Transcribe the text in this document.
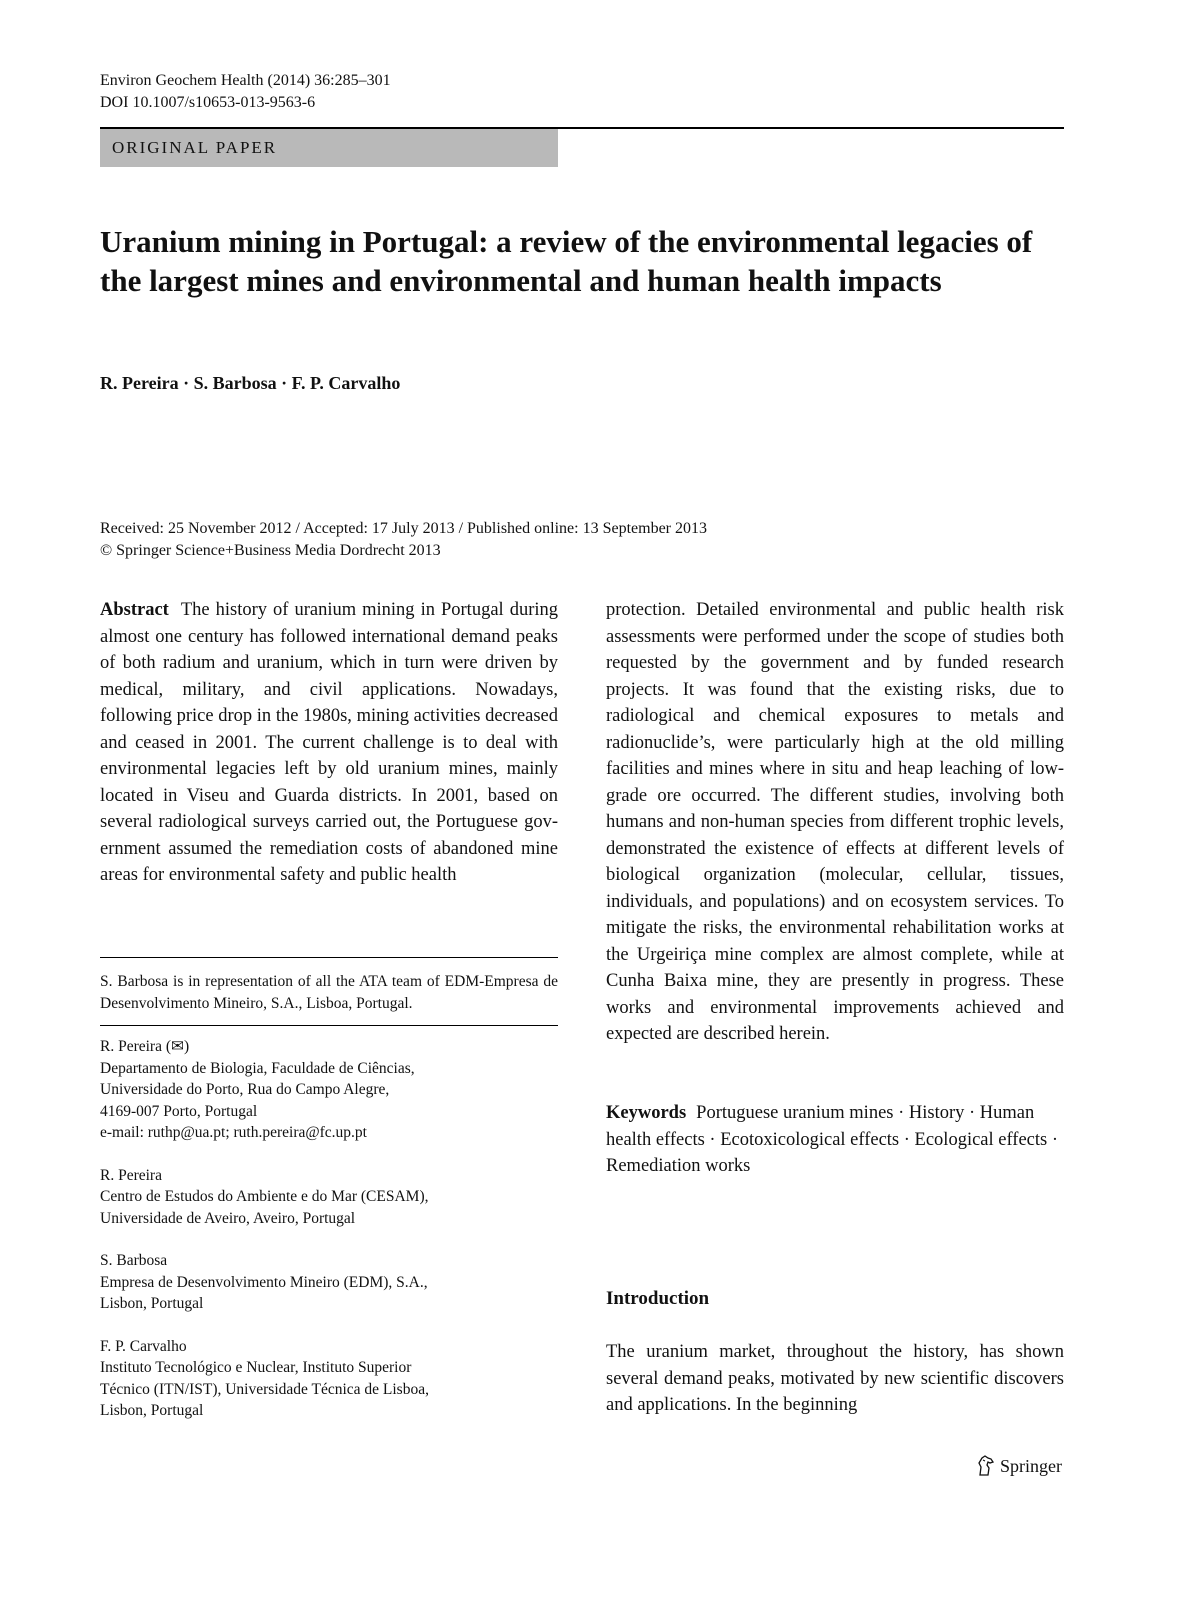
Environ Geochem Health (2014) 36:285–301
DOI 10.1007/s10653-013-9563-6
ORIGINAL PAPER
Uranium mining in Portugal: a review of the environmental legacies of the largest mines and environmental and human health impacts
R. Pereira · S. Barbosa · F. P. Carvalho
Received: 25 November 2012 / Accepted: 17 July 2013 / Published online: 13 September 2013
© Springer Science+Business Media Dordrecht 2013
Abstract The history of uranium mining in Portugal during almost one century has followed international demand peaks of both radium and uranium, which in turn were driven by medical, military, and civil applications. Nowadays, following price drop in the 1980s, mining activities decreased and ceased in 2001. The current challenge is to deal with environmental legacies left by old uranium mines, mainly located in Viseu and Guarda districts. In 2001, based on several radiological surveys carried out, the Portuguese government assumed the remediation costs of abandoned mine areas for environmental safety and public health
S. Barbosa is in representation of all the ATA team of EDM-Empresa de Desenvolvimento Mineiro, S.A., Lisboa, Portugal.
R. Pereira (✉)
Departamento de Biologia, Faculdade de Ciências,
Universidade do Porto, Rua do Campo Alegre,
4169-007 Porto, Portugal
e-mail: ruthp@ua.pt; ruth.pereira@fc.up.pt
R. Pereira
Centro de Estudos do Ambiente e do Mar (CESAM),
Universidade de Aveiro, Aveiro, Portugal
S. Barbosa
Empresa de Desenvolvimento Mineiro (EDM), S.A.,
Lisbon, Portugal
F. P. Carvalho
Instituto Tecnológico e Nuclear, Instituto Superior
Técnico (ITN/IST), Universidade Técnica de Lisboa,
Lisbon, Portugal
protection. Detailed environmental and public health risk assessments were performed under the scope of studies both requested by the government and by funded research projects. It was found that the existing risks, due to radiological and chemical exposures to metals and radionuclide’s, were particularly high at the old milling facilities and mines where in situ and heap leaching of low-grade ore occurred. The different studies, involving both humans and non-human species from different trophic levels, demonstrated the existence of effects at different levels of biological organization (molecular, cellular, tissues, individuals, and populations) and on ecosystem services. To mitigate the risks, the environmental rehabilitation works at the Urgeiriça mine complex are almost complete, while at Cunha Baixa mine, they are presently in progress. These works and environmental improvements achieved and expected are described herein.
Keywords Portuguese uranium mines · History · Human health effects · Ecotoxicological effects · Ecological effects · Remediation works
Introduction
The uranium market, throughout the history, has shown several demand peaks, motivated by new scientific discovers and applications. In the beginning
Springer
